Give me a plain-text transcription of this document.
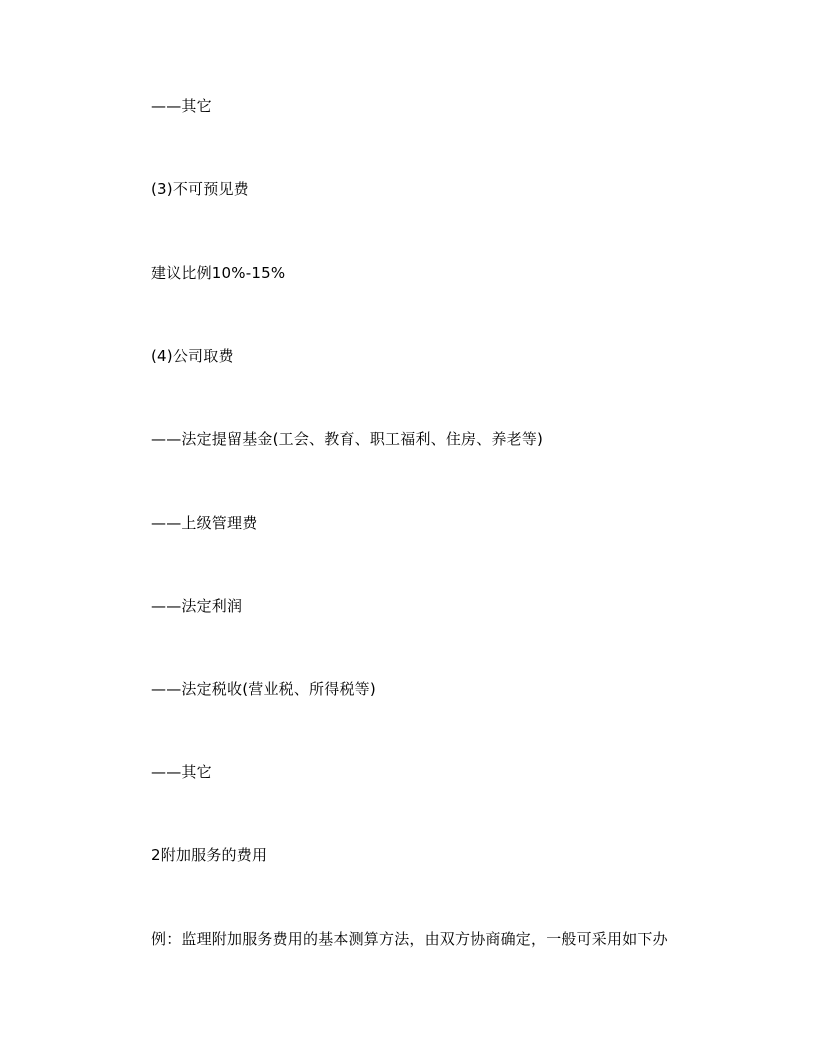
——其它
(3)不可预见费
建议比例10%-15%
(4)公司取费
——法定提留基金(工会、教育、职工福利、住房、养老等)
——上级管理费
——法定利润
——法定税收(营业税、所得税等)
——其它
2附加服务的费用
例：监理附加服务费用的基本测算方法，由双方协商确定，一般可采用如下办
